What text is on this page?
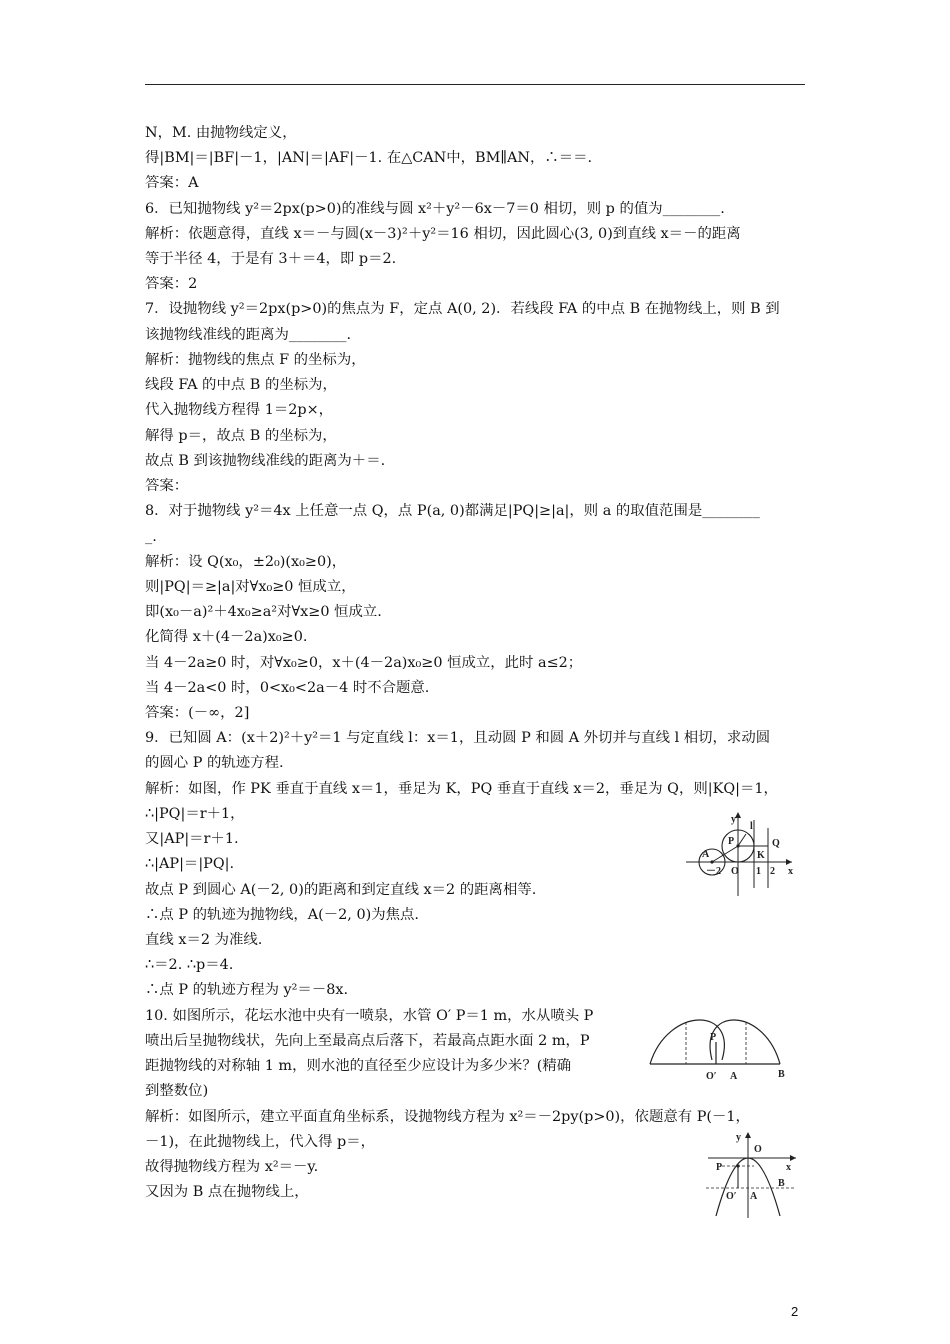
N，M. 由抛物线定义，
得|BM|＝|BF|－1，|AN|＝|AF|－1. 在△CAN中，BM∥AN，∴＝＝.
答案：A
6．已知抛物线 y²＝2px(p>0)的准线与圆 x²＋y²－6x－7＝0 相切，则 p 的值为________.
解析：依题意得，直线 x＝－与圆(x－3)²＋y²＝16 相切，因此圆心(3, 0)到直线 x＝－的距离
等于半径 4，于是有 3＋＝4，即 p＝2.
答案：2
7．设抛物线 y²＝2px(p>0)的焦点为 F，定点 A(0, 2)．若线段 FA 的中点 B 在抛物线上，则 B 到
该抛物线准线的距离为________.
解析：抛物线的焦点 F 的坐标为，
线段 FA 的中点 B 的坐标为，
代入抛物线方程得 1＝2p×，
解得 p＝，故点 B 的坐标为，
故点 B 到该抛物线准线的距离为＋＝.
答案：
8．对于抛物线 y²＝4x 上任意一点 Q，点 P(a, 0)都满足|PQ|≥|a|，则 a 的取值范围是________
_.
解析：设 Q(x₀，±2₀)(x₀≥0)，
则|PQ|＝≥|a|对∀x₀≥0 恒成立，
即(x₀－a)²＋4x₀≥a²对∀x≥0 恒成立.
化简得 x＋(4－2a)x₀≥0.
当 4－2a≥0 时，对∀x₀≥0，x＋(4－2a)x₀≥0 恒成立，此时 a≤2；
当 4－2a<0 时，0<x₀<2a－4 时不合题意.
答案：(－∞，2]
9．已知圆 A：(x＋2)²＋y²＝1 与定直线 l：x＝1，且动圆 P 和圆 A 外切并与直线 l 相切，求动圆
的圆心 P 的轨迹方程.
解析：如图，作 PK 垂直于直线 x＝1，垂足为 K，PQ 垂直于直线 x＝2，垂足为 Q，则|KQ|＝1，
∴|PQ|＝r＋1，
又|AP|＝r＋1.
∴|AP|＝|PQ|.
故点 P 到圆心 A(－2, 0)的距离和到定直线 x＝2 的距离相等.
∴点 P 的轨迹为抛物线，A(－2, 0)为焦点.
直线 x＝2 为准线.
∴＝2. ∴p＝4.
∴点 P 的轨迹方程为 y²＝－8x.
10. 如图所示，花坛水池中央有一喷泉，水管 O′ P＝1 m，水从喷头 P
喷出后呈抛物线状，先向上至最高点后落下，若最高点距水面 2 m，P
距抛物线的对称轴 1 m，则水池的直径至少应设计为多少米？(精确
到整数位)
解析：如图所示，建立平面直角坐标系，设抛物线方程为 x²＝－2py(p>0)，依题意有 P(－1，
－1)，在此抛物线上，代入得 p＝，
故得抛物线方程为 x²＝－y.
又因为 B 点在抛物线上，
y
l
P	Q
K
A
O
－2	1 2 x
P
O′ A	B
y
O
x
P
O′ A
B
2
